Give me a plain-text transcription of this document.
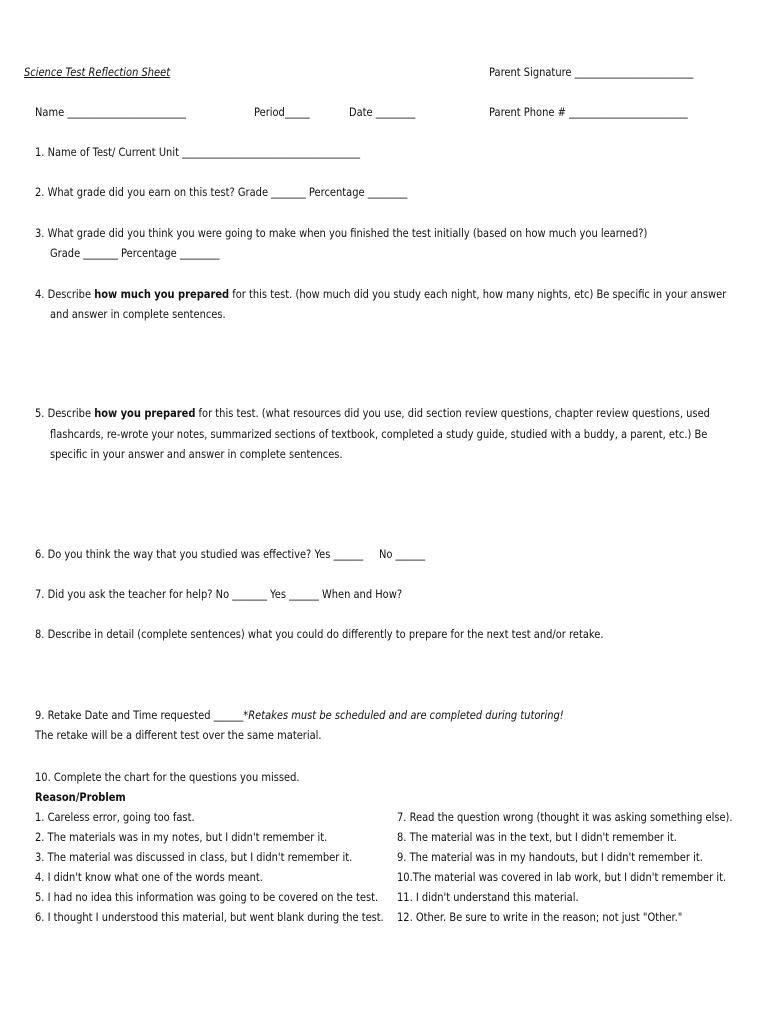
Science Test Reflection Sheet	Parent Signature ________________________
Name ________________________	Period_____	Date ________	Parent Phone # ________________________
1. Name of Test/ Current Unit ____________________________________
2. What grade did you earn on this test? Grade _______ Percentage ________
3. What grade did you think you were going to make when you finished the test initially (based on how much you learned?)
Grade _______ Percentage ________
4. Describe how much you prepared for this test. (how much did you study each night, how many nights, etc) Be specific in your answer
and answer in complete sentences.
5. Describe how you prepared for this test. (what resources did you use, did section review questions, chapter review questions, used
flashcards, re-wrote your notes, summarized sections of textbook, completed a study guide, studied with a buddy, a parent, etc.) Be
specific in your answer and answer in complete sentences.
6. Do you think the way that you studied was effective? Yes ______     No ______
7. Did you ask the teacher for help? No _______ Yes ______ When and How?
8. Describe in detail (complete sentences) what you could do differently to prepare for the next test and/or retake.
9. Retake Date and Time requested ______*Retakes must be scheduled and are completed during tutoring!
The retake will be a different test over the same material.
10. Complete the chart for the questions you missed.
Reason/Problem
1. Careless error, going too fast.
2. The materials was in my notes, but I didn't remember it.
3. The material was discussed in class, but I didn't remember it.
4. I didn't know what one of the words meant.
5. I had no idea this information was going to be covered on the test.
6. I thought I understood this material, but went blank during the test.
7. Read the question wrong (thought it was asking something else).
8. The material was in the text, but I didn't remember it.
9. The material was in my handouts, but I didn't remember it.
10.The material was covered in lab work, but I didn't remember it.
11. I didn't understand this material.
12. Other. Be sure to write in the reason; not just "Other."
